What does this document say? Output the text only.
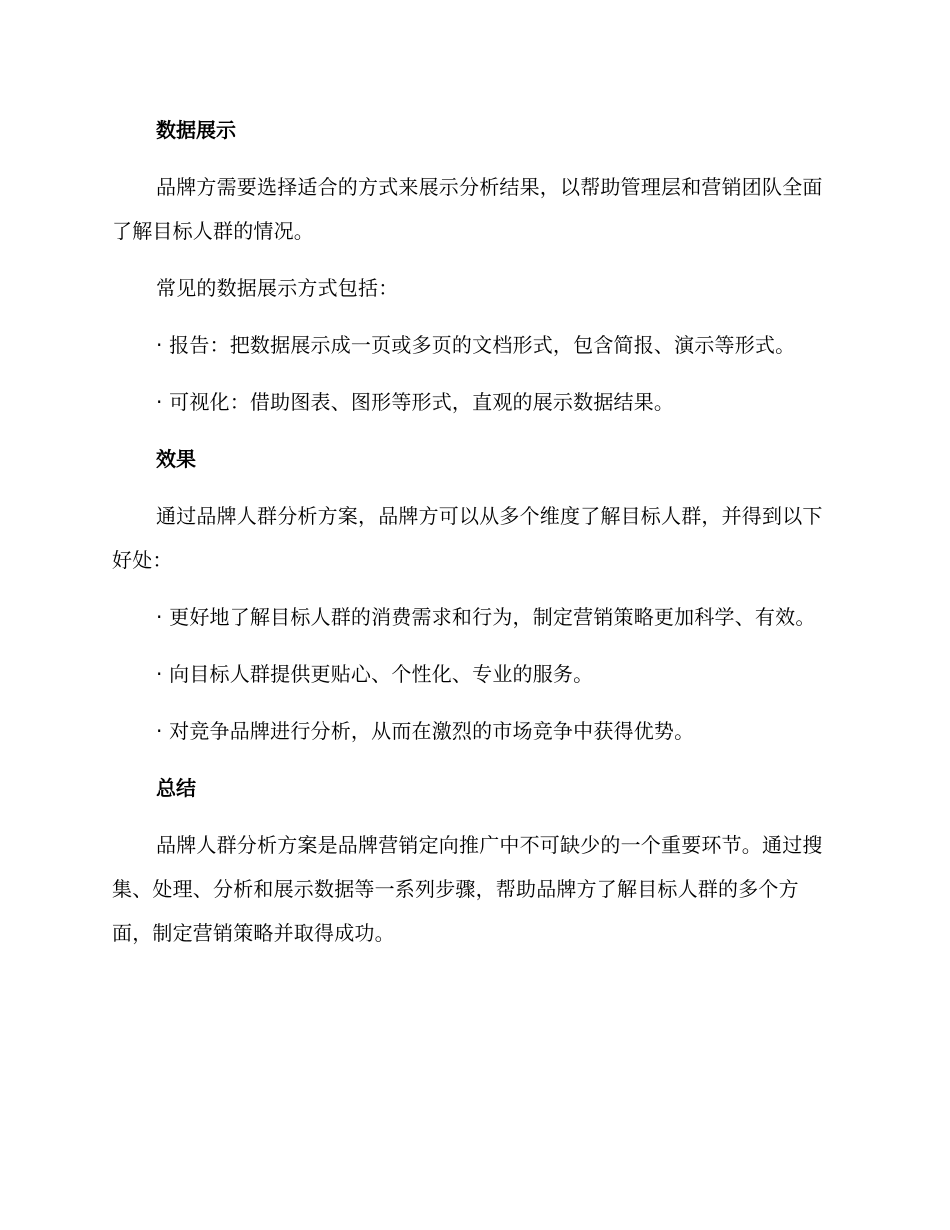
数据展示

品牌方需要选择适合的方式来展示分析结果，以帮助管理层和营销团队全面了解目标人群的情况。

常见的数据展示方式包括：

· 报告：把数据展示成一页或多页的文档形式，包含简报、演示等形式。

· 可视化：借助图表、图形等形式，直观的展示数据结果。

效果

通过品牌人群分析方案，品牌方可以从多个维度了解目标人群，并得到以下好处：

· 更好地了解目标人群的消费需求和行为，制定营销策略更加科学、有效。

· 向目标人群提供更贴心、个性化、专业的服务。

· 对竞争品牌进行分析，从而在激烈的市场竞争中获得优势。

总结

品牌人群分析方案是品牌营销定向推广中不可缺少的一个重要环节。通过搜集、处理、分析和展示数据等一系列步骤，帮助品牌方了解目标人群的多个方面，制定营销策略并取得成功。
